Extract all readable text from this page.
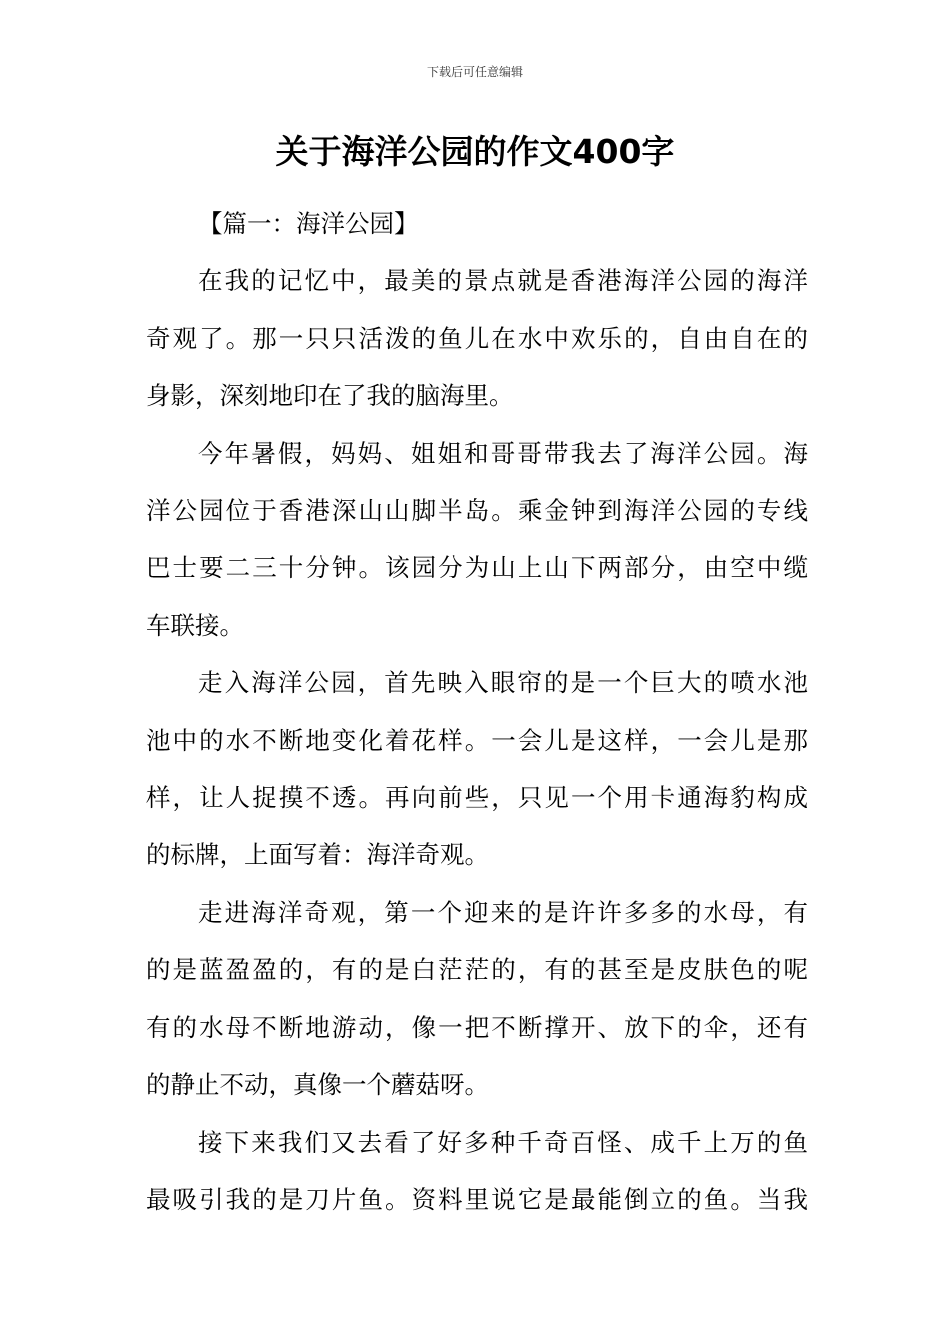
下载后可任意编辑
关于海洋公园的作文400字

【篇一：海洋公园】

在我的记忆中，最美的景点就是香港海洋公园的海洋
奇观了。那一只只活泼的鱼儿在水中欢乐的，自由自在的
身影，深刻地印在了我的脑海里。
今年暑假，妈妈、姐姐和哥哥带我去了海洋公园。海
洋公园位于香港深山山脚半岛。乘金钟到海洋公园的专线
巴士要二三十分钟。该园分为山上山下两部分，由空中缆
车联接。
走入海洋公园，首先映入眼帘的是一个巨大的喷水池
池中的水不断地变化着花样。一会儿是这样，一会儿是那
样，让人捉摸不透。再向前些，只见一个用卡通海豹构成
的标牌，上面写着：海洋奇观。
走进海洋奇观，第一个迎来的是许许多多的水母，有
的是蓝盈盈的，有的是白茫茫的，有的甚至是皮肤色的呢
有的水母不断地游动，像一把不断撑开、放下的伞，还有
的静止不动，真像一个蘑菇呀。
接下来我们又去看了好多种千奇百怪、成千上万的鱼
最吸引我的是刀片鱼。资料里说它是最能倒立的鱼。当我
